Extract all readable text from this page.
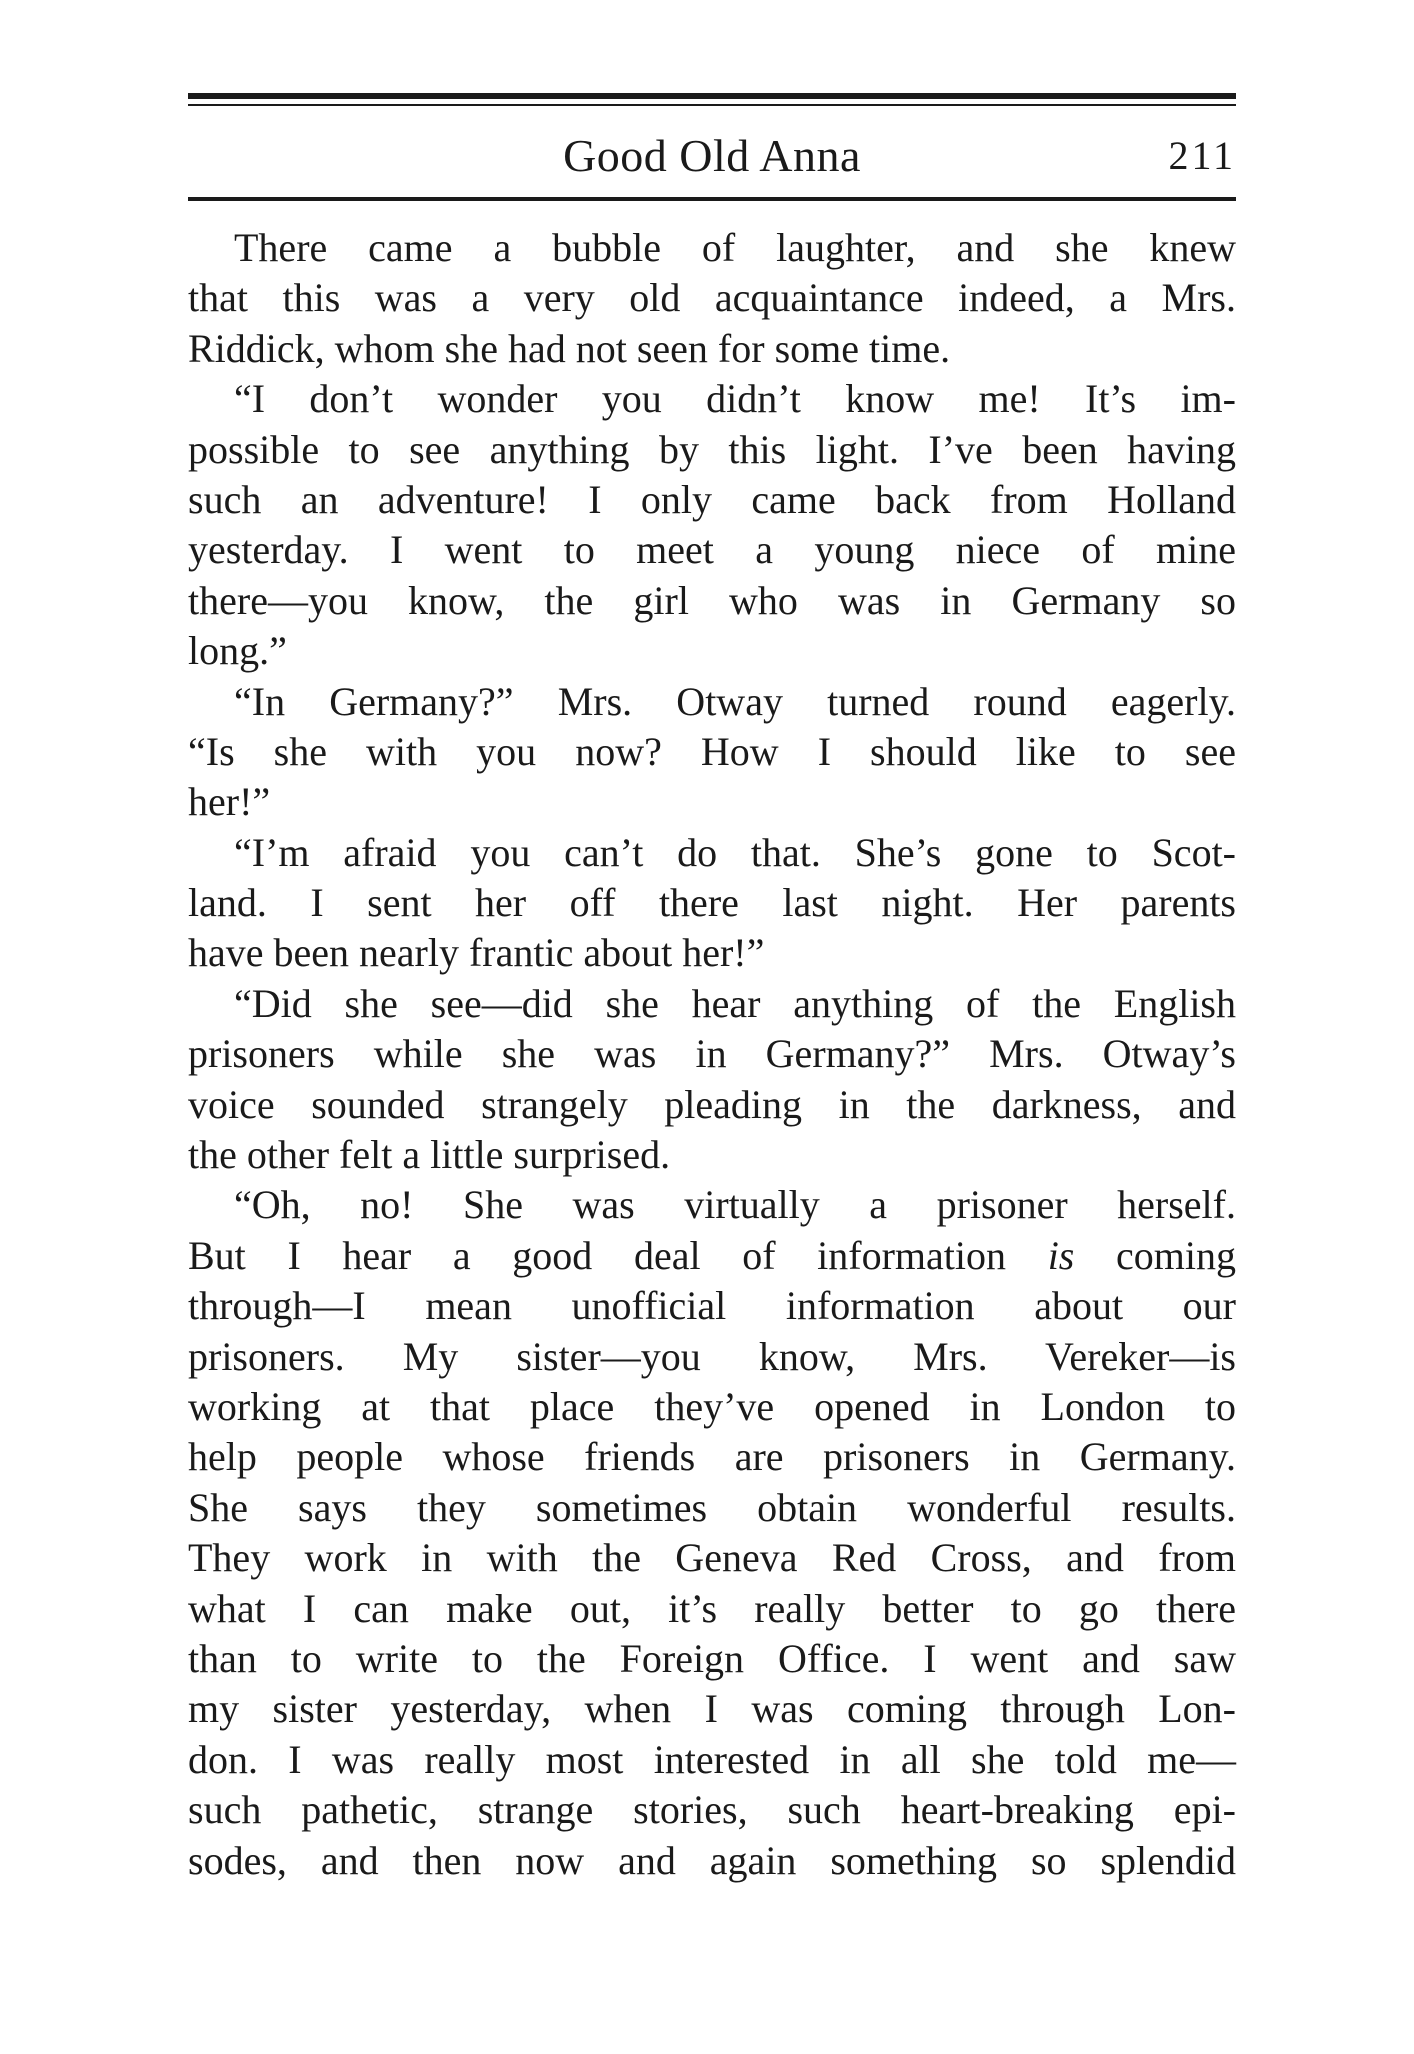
Good Old Anna	211
There came a bubble of laughter, and she knew
that this was a very old acquaintance indeed, a Mrs.
Riddick, whom she had not seen for some time.
“I don’t wonder you didn’t know me! It’s im-
possible to see anything by this light. I’ve been having
such an adventure! I only came back from Holland
yesterday. I went to meet a young niece of mine
there—you know, the girl who was in Germany so
long.”
“In Germany?” Mrs. Otway turned round eagerly.
“Is she with you now? How I should like to see
her!”
“I’m afraid you can’t do that. She’s gone to Scot-
land. I sent her off there last night. Her parents
have been nearly frantic about her!”
“Did she see—did she hear anything of the English
prisoners while she was in Germany?” Mrs. Otway’s
voice sounded strangely pleading in the darkness, and
the other felt a little surprised.
“Oh, no! She was virtually a prisoner herself.
But I hear a good deal of information is coming
through—I mean unofficial information about our
prisoners. My sister—you know, Mrs. Vereker—is
working at that place they’ve opened in London to
help people whose friends are prisoners in Germany.
She says they sometimes obtain wonderful results.
They work in with the Geneva Red Cross, and from
what I can make out, it’s really better to go there
than to write to the Foreign Office. I went and saw
my sister yesterday, when I was coming through Lon-
don. I was really most interested in all she told me—
such pathetic, strange stories, such heart-breaking epi-
sodes, and then now and again something so splendid
